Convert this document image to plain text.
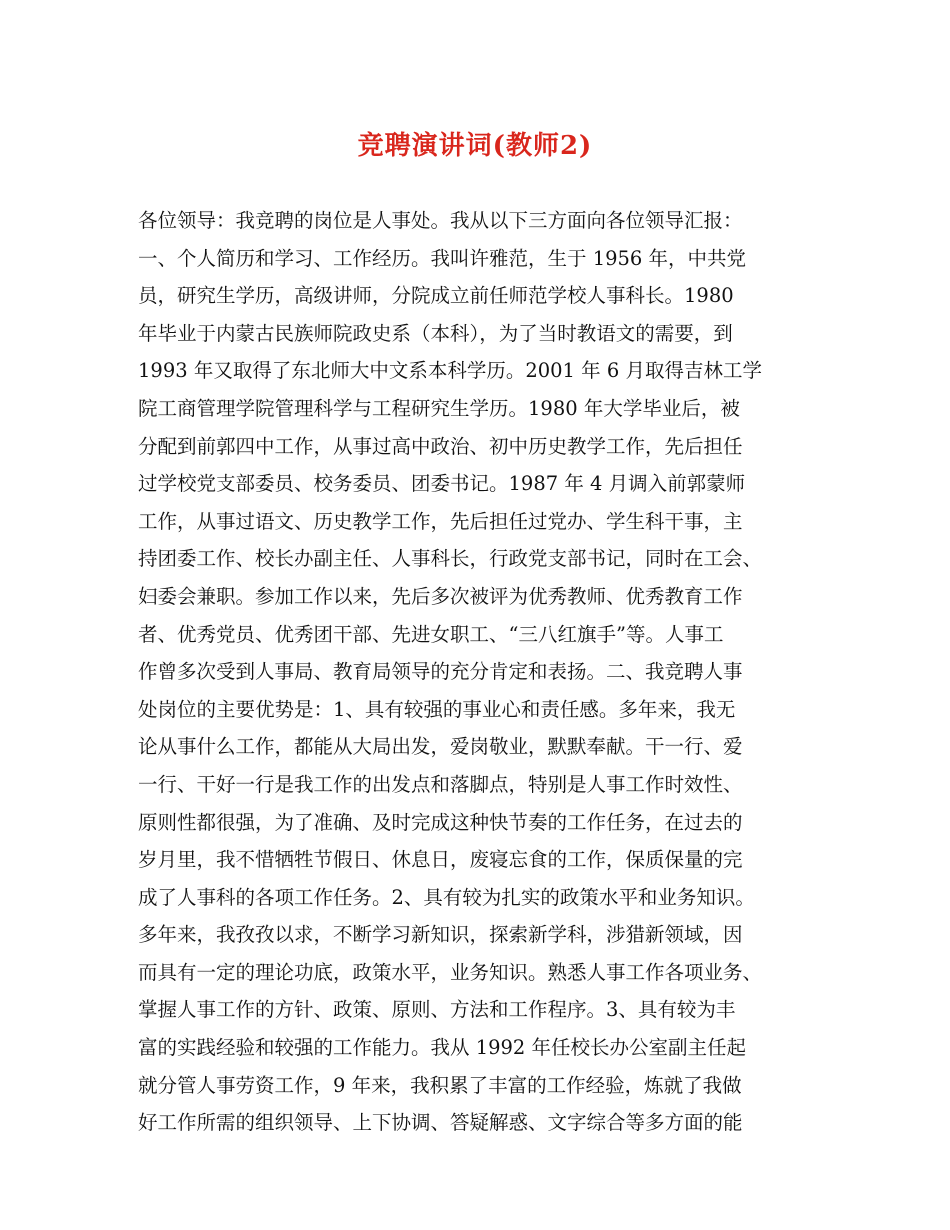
竞聘演讲词(教师2)
各位领导：我竞聘的岗位是人事处。我从以下三方面向各位领导汇报：
一、个人简历和学习、工作经历。我叫许雅范，生于 1956 年，中共党
员，研究生学历，高级讲师，分院成立前任师范学校人事科长。1980
年毕业于内蒙古民族师院政史系（本科），为了当时教语文的需要，到
1993 年又取得了东北师大中文系本科学历。2001 年 6 月取得吉林工学
院工商管理学院管理科学与工程研究生学历。1980 年大学毕业后，被
分配到前郭四中工作，从事过高中政治、初中历史教学工作，先后担任
过学校党支部委员、校务委员、团委书记。1987 年 4 月调入前郭蒙师
工作，从事过语文、历史教学工作，先后担任过党办、学生科干事，主
持团委工作、校长办副主任、人事科长，行政党支部书记，同时在工会、
妇委会兼职。参加工作以来，先后多次被评为优秀教师、优秀教育工作
者、优秀党员、优秀团干部、先进女职工、“三八红旗手”等。人事工
作曾多次受到人事局、教育局领导的充分肯定和表扬。二、我竞聘人事
处岗位的主要优势是：1、具有较强的事业心和责任感。多年来，我无
论从事什么工作，都能从大局出发，爱岗敬业，默默奉献。干一行、爱
一行、干好一行是我工作的出发点和落脚点，特别是人事工作时效性、
原则性都很强，为了准确、及时完成这种快节奏的工作任务，在过去的
岁月里，我不惜牺牲节假日、休息日，废寝忘食的工作，保质保量的完
成了人事科的各项工作任务。2、具有较为扎实的政策水平和业务知识。
多年来，我孜孜以求，不断学习新知识，探索新学科，涉猎新领域，因
而具有一定的理论功底，政策水平，业务知识。熟悉人事工作各项业务、
掌握人事工作的方针、政策、原则、方法和工作程序。3、具有较为丰
富的实践经验和较强的工作能力。我从 1992 年任校长办公室副主任起
就分管人事劳资工作，9 年来，我积累了丰富的工作经验，炼就了我做
好工作所需的组织领导、上下协调、答疑解惑、文字综合等多方面的能
